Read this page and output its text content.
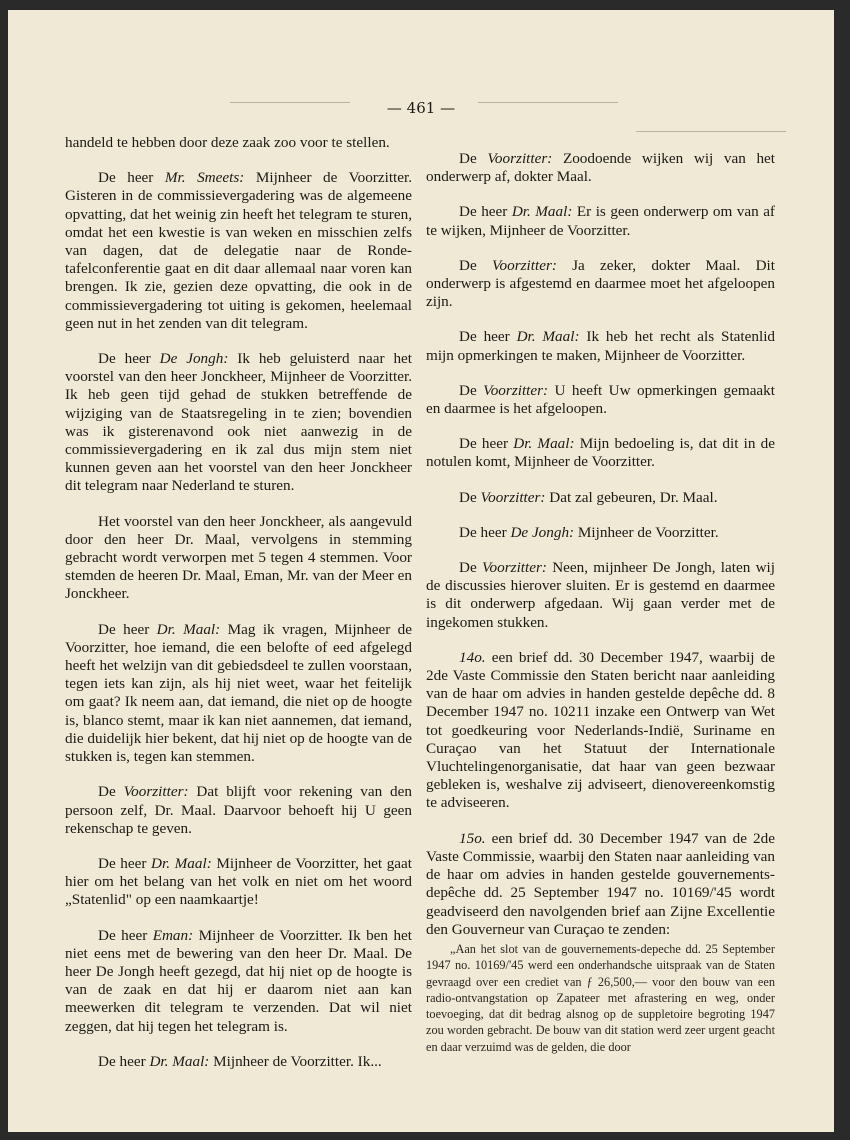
— 461 —

handeld te hebben door deze zaak zoo voor te stellen.

De heer Mr. Smeets: Mijnheer de Voorzitter. Gisteren in de commissievergadering was de algemeene opvatting, dat het weinig zin heeft het telegram te sturen, omdat het een kwestie is van weken en misschien zelfs van dagen, dat de delegatie naar de Ronde-tafelconferentie gaat en dit daar allemaal naar voren kan brengen. Ik zie, gezien deze opvatting, die ook in de commissievergadering tot uiting is gekomen, heelemaal geen nut in het zenden van dit telegram.

De heer De Jongh: Ik heb geluisterd naar het voorstel van den heer Jonckheer, Mijnheer de Voorzitter. Ik heb geen tijd gehad de stukken betreffende de wijziging van de Staatsregeling in te zien; bovendien was ik gisterenavond ook niet aanwezig in de commissievergadering en ik zal dus mijn stem niet kunnen geven aan het voorstel van den heer Jonckheer dit telegram naar Nederland te sturen.

Het voorstel van den heer Jonckheer, als aangevuld door den heer Dr. Maal, vervolgens in stemming gebracht wordt verworpen met 5 tegen 4 stemmen. Voor stemden de heeren Dr. Maal, Eman, Mr. van der Meer en Jonckheer.

De heer Dr. Maal: Mag ik vragen, Mijnheer de Voorzitter, hoe iemand, die een belofte of eed afgelegd heeft het welzijn van dit gebiedsdeel te zullen voorstaan, tegen iets kan zijn, als hij niet weet, waar het feitelijk om gaat? Ik neem aan, dat iemand, die niet op de hoogte is, blanco stemt, maar ik kan niet aannemen, dat iemand, die duidelijk hier bekent, dat hij niet op de hoogte van de stukken is, tegen kan stemmen.

De Voorzitter: Dat blijft voor rekening van den persoon zelf, Dr. Maal. Daarvoor behoeft hij U geen rekenschap te geven.

De heer Dr. Maal: Mijnheer de Voorzitter, het gaat hier om het belang van het volk en niet om het woord „Statenlid" op een naamkaartje!

De heer Eman: Mijnheer de Voorzitter. Ik ben het niet eens met de bewering van den heer Dr. Maal. De heer De Jongh heeft gezegd, dat hij niet op de hoogte is van de zaak en dat hij er daarom niet aan kan meewerken dit telegram te verzenden. Dat wil niet zeggen, dat hij tegen het telegram is.

De heer Dr. Maal: Mijnheer de Voorzitter. Ik...

De Voorzitter: Zoodoende wijken wij van het onderwerp af, dokter Maal.

De heer Dr. Maal: Er is geen onderwerp om van af te wijken, Mijnheer de Voorzitter.

De Voorzitter: Ja zeker, dokter Maal. Dit onderwerp is afgestemd en daarmee moet het afgeloopen zijn.

De heer Dr. Maal: Ik heb het recht als Statenlid mijn opmerkingen te maken, Mijnheer de Voorzitter.

De Voorzitter: U heeft Uw opmerkingen gemaakt en daarmee is het afgeloopen.

De heer Dr. Maal: Mijn bedoeling is, dat dit in de notulen komt, Mijnheer de Voorzitter.

De Voorzitter: Dat zal gebeuren, Dr. Maal.

De heer De Jongh: Mijnheer de Voorzitter.

De Voorzitter: Neen, mijnheer De Jongh, laten wij de discussies hierover sluiten. Er is gestemd en daarmee is dit onderwerp afgedaan. Wij gaan verder met de ingekomen stukken.

14o. een brief dd. 30 December 1947, waarbij de 2de Vaste Commissie den Staten bericht naar aanleiding van de haar om advies in handen gestelde depêche dd. 8 December 1947 no. 10211 inzake een Ontwerp van Wet tot goedkeuring voor Nederlands-Indië, Suriname en Curaçao van het Statuut der Internationale Vluchtelingenorganisatie, dat haar van geen bezwaar gebleken is, weshalve zij adviseert, dienovereenkomstig te adviseeren.

15o. een brief dd. 30 December 1947 van de 2de Vaste Commissie, waarbij den Staten naar aanleiding van de haar om advies in handen gestelde gouvernements-depêche dd. 25 September 1947 no. 10169/'45 wordt geadviseerd den navolgenden brief aan Zijne Excellentie den Gouverneur van Curaçao te zenden:

„Aan het slot van de gouvernements-depeche dd. 25 September 1947 no. 10169/'45 werd een onderhandsche uitspraak van de Staten gevraagd over een crediet van ƒ 26,500,— voor den bouw van een radio-ontvangstation op Zapateer met afrastering en weg, onder toevoeging, dat dit bedrag alsnog op de suppletoire begroting 1947 zou worden gebracht. De bouw van dit station werd zeer urgent geacht en daar verzuimd was de gelden, die door
